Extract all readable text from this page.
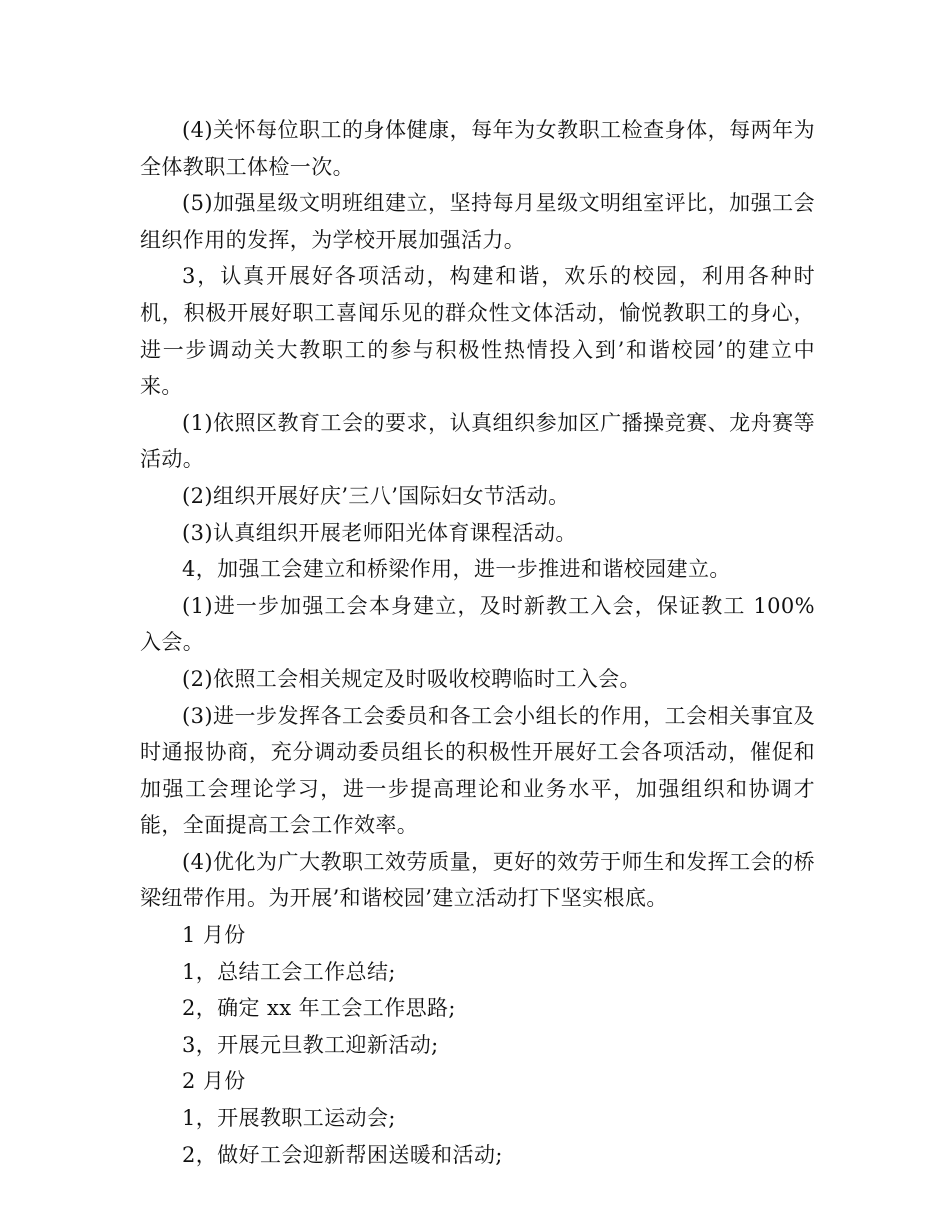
(4)关怀每位职工的身体健康，每年为女教职工检查身体，每两年为全体教职工体检一次。

(5)加强星级文明班组建立，坚持每月星级文明组室评比，加强工会组织作用的发挥，为学校开展加强活力。

3，认真开展好各项活动，构建和谐，欢乐的校园，利用各种时机，积极开展好职工喜闻乐见的群众性文体活动，愉悦教职工的身心，进一步调动关大教职工的参与积极性热情投入到’和谐校园’的建立中来。

(1)依照区教育工会的要求，认真组织参加区广播操竞赛、龙舟赛等活动。

(2)组织开展好庆’三八’国际妇女节活动。

(3)认真组织开展老师阳光体育课程活动。

4，加强工会建立和桥梁作用，进一步推进和谐校园建立。

(1)进一步加强工会本身建立，及时新教工入会，保证教工 100%入会。

(2)依照工会相关规定及时吸收校聘临时工入会。

(3)进一步发挥各工会委员和各工会小组长的作用，工会相关事宜及时通报协商，充分调动委员组长的积极性开展好工会各项活动，催促和加强工会理论学习，进一步提高理论和业务水平，加强组织和协调才能，全面提高工会工作效率。

(4)优化为广大教职工效劳质量，更好的效劳于师生和发挥工会的桥梁纽带作用。为开展’和谐校园’建立活动打下坚实根底。

1 月份

1，总结工会工作总结;

2，确定 xx 年工会工作思路;

3，开展元旦教工迎新活动;

2 月份

1，开展教职工运动会;

2，做好工会迎新帮困送暖和活动;
